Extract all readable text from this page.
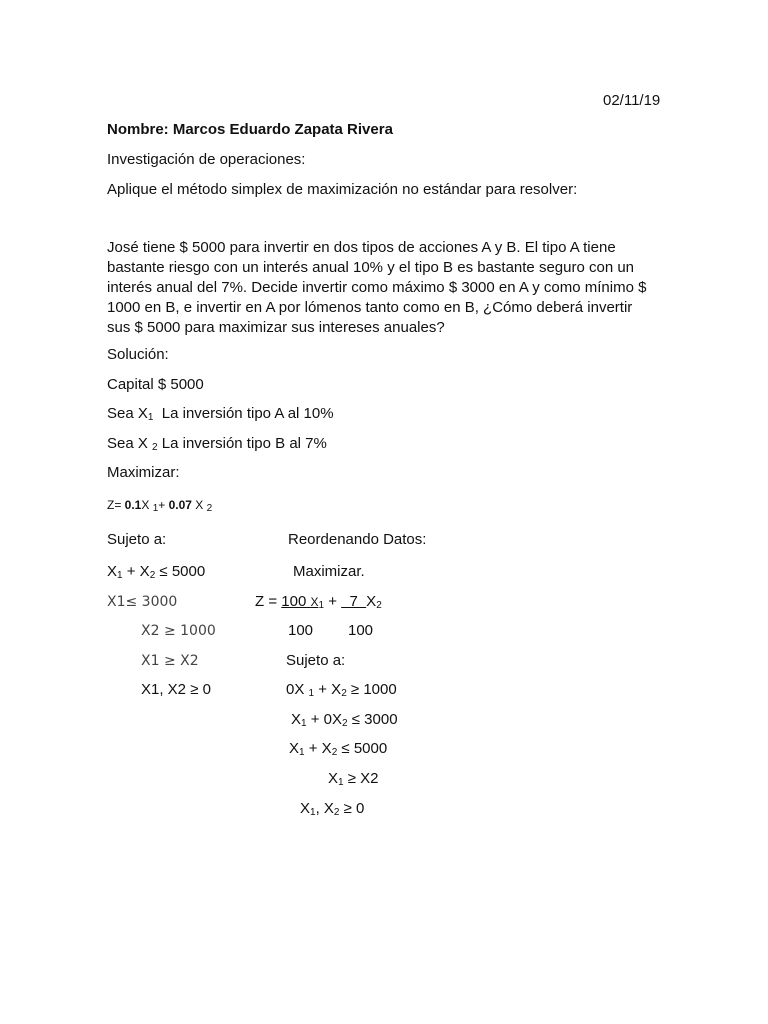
02/11/19
Nombre: Marcos Eduardo Zapata Rivera
Investigación de operaciones:
Aplique el método simplex de maximización no estándar para resolver:

José tiene $ 5000 para invertir en dos tipos de acciones A y B. El tipo A tiene

bastante riesgo con un interés anual 10% y el tipo B es bastante seguro con un

interés anual del 7%. Decide invertir como máximo $ 3000 en A y como mínimo $

1000 en B, e invertir en A por lómenos tanto como en B, ¿Cómo deberá invertir

sus $ 5000 para maximizar sus intereses anuales?

Solución:
Capital $ 5000
Sea $X_1$  La inversión tipo A al 10%
Sea X $_2$ La inversión tipo B al 7%
Maximizar:
Z= 0.1X $_1$+ 0.07 X $_2$
Sujeto a:	Reordenando Datos:
$X_1 + X_2 \le 5000$
X1≤ 3000
X2 ≥ 1000
X1 ≥ X2
X1, X2 ≥ 0
Maximizar.
Z = 100 $X_1 + 7$  $X_2$
100 100
Sujeto a:
0X $_1 + X_2 \ge 1000$
$X_1 + 0X_2 \le 3000$
$X_1 + X_2 \le 5000$
$X_1 \ge X2$
$X_1$, $X_2 \ge 0$
